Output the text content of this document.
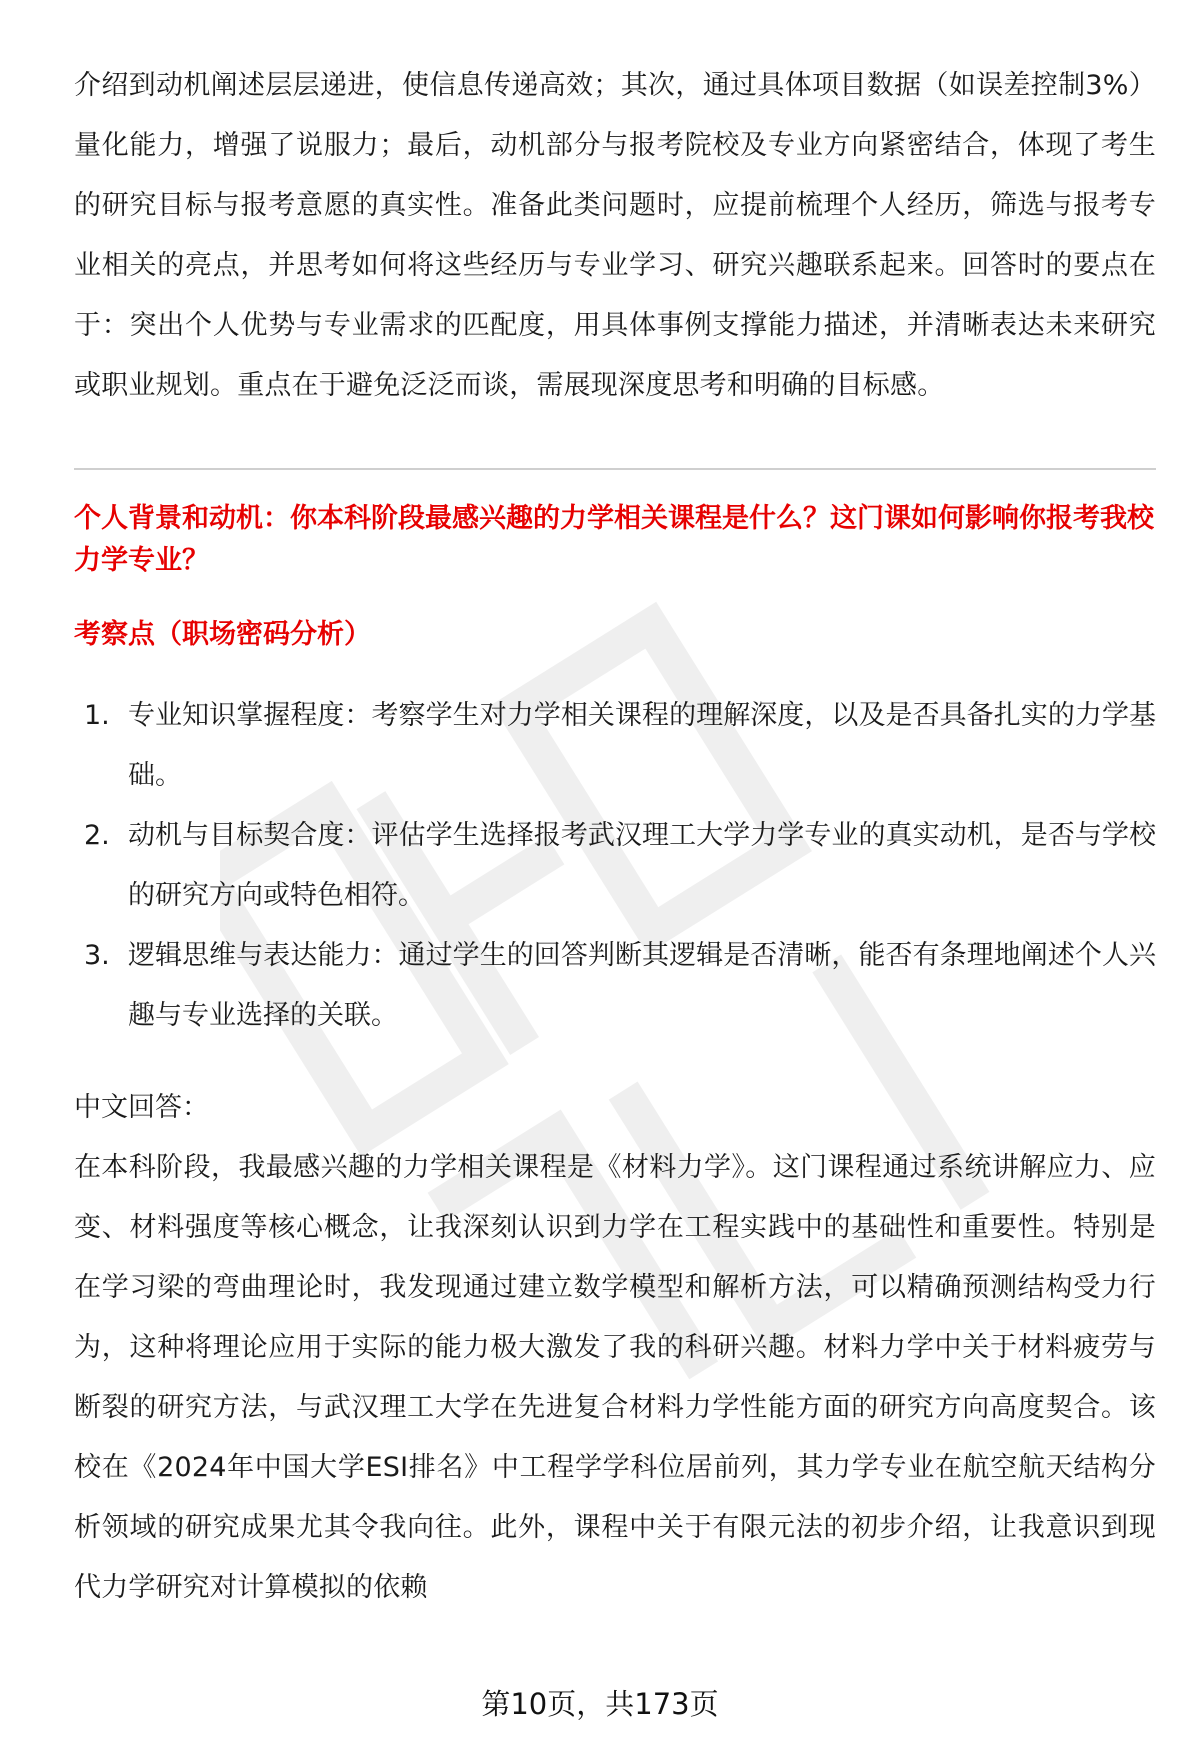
介绍到动机阐述层层递进，使信息传递高效；其次，通过具体项目数据（如误差控制3%）量化能力，增强了说服力；最后，动机部分与报考院校及专业方向紧密结合，体现了考生的研究目标与报考意愿的真实性。准备此类问题时，应提前梳理个人经历，筛选与报考专业相关的亮点，并思考如何将这些经历与专业学习、研究兴趣联系起来。回答时的要点在于：突出个人优势与专业需求的匹配度，用具体事例支撑能力描述，并清晰表达未来研究或职业规划。重点在于避免泛泛而谈，需展现深度思考和明确的目标感。

个人背景和动机：你本科阶段最感兴趣的力学相关课程是什么？这门课如何影响你报考我校力学专业？

考察点（职场密码分析）

1. 专业知识掌握程度：考察学生对力学相关课程的理解深度，以及是否具备扎实的力学基础。
2. 动机与目标契合度：评估学生选择报考武汉理工大学力学专业的真实动机，是否与学校的研究方向或特色相符。
3. 逻辑思维与表达能力：通过学生的回答判断其逻辑是否清晰，能否有条理地阐述个人兴趣与专业选择的关联。

中文回答：

在本科阶段，我最感兴趣的力学相关课程是《材料力学》。这门课程通过系统讲解应力、应变、材料强度等核心概念，让我深刻认识到力学在工程实践中的基础性和重要性。特别是在学习梁的弯曲理论时，我发现通过建立数学模型和解析方法，可以精确预测结构受力行为，这种将理论应用于实际的能力极大激发了我的科研兴趣。材料力学中关于材料疲劳与断裂的研究方法，与武汉理工大学在先进复合材料力学性能方面的研究方向高度契合。该校在《2024年中国大学ESI排名》中工程学学科位居前列，其力学专业在航空航天结构分析领域的研究成果尤其令我向往。此外，课程中关于有限元法的初步介绍，让我意识到现代力学研究对计算模拟的依赖

第10页，共173页
